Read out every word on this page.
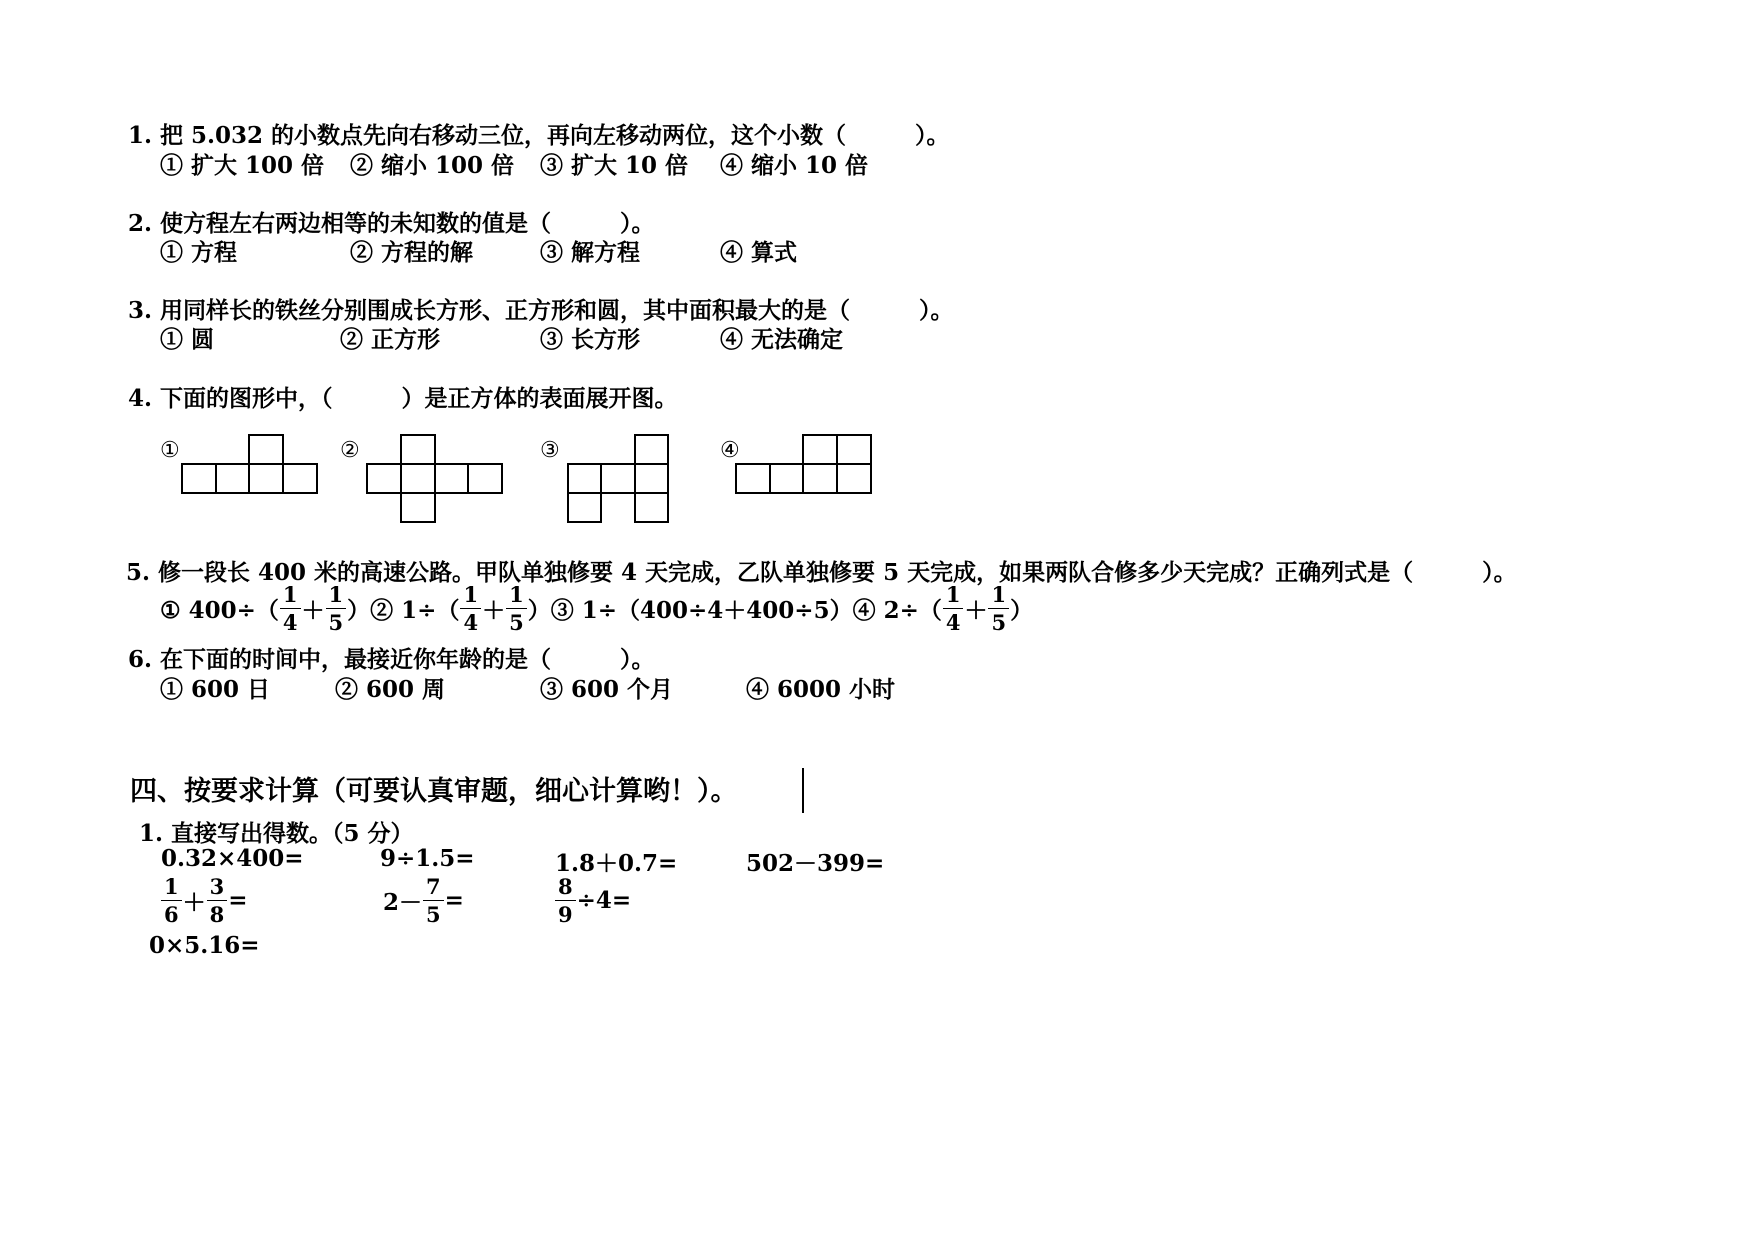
1. 把 5.032 的小数点先向右移动三位，再向左移动两位，这个小数（　　　）。
① 扩大 100 倍 ② 缩小 100 倍 ③ 扩大 10 倍 ④ 缩小 10 倍
2. 使方程左右两边相等的未知数的值是（　　　）。
① 方程	② 方程的解	③ 解方程	④ 算式
3. 用同样长的铁丝分别围成长方形、正方形和圆，其中面积最大的是（　　　）。
① 圆	② 正方形	③ 长方形	④ 无法确定
4. 下面的图形中，（　　　）是正方体的表面展开图。
①	②	③	④
5. 修一段长 400 米的高速公路。甲队单独修要 4 天完成，乙队单独修要 5 天完成，如果两队合修多少天完成？正确列式是（　　　）。
① $400\div( \frac{1}{4} + \frac{1}{5}$ ）② $1\div( \frac{1}{4} + \frac{1}{5}$ ）③ 1÷（400÷4＋400÷5）④ $2\div( \frac{1}{4} + \frac{1}{5}$ ）
6. 在下面的时间中，最接近你年龄的是（　　　）。
① 600 日	② 600 周	③ 600 个月	④ 6000 小时
四、按要求计算（可要认真审题，细心计算哟！）。
1. 直接写出得数。（5 分）
0.32×400=	9÷1.5=	1.8＋0.7=	502－399=
$\frac{1}{6} + \frac{3}{8}$ =	$2- \frac{7}{5}$ =	$\frac{8}{9} \div 4=$
0×5.16=
